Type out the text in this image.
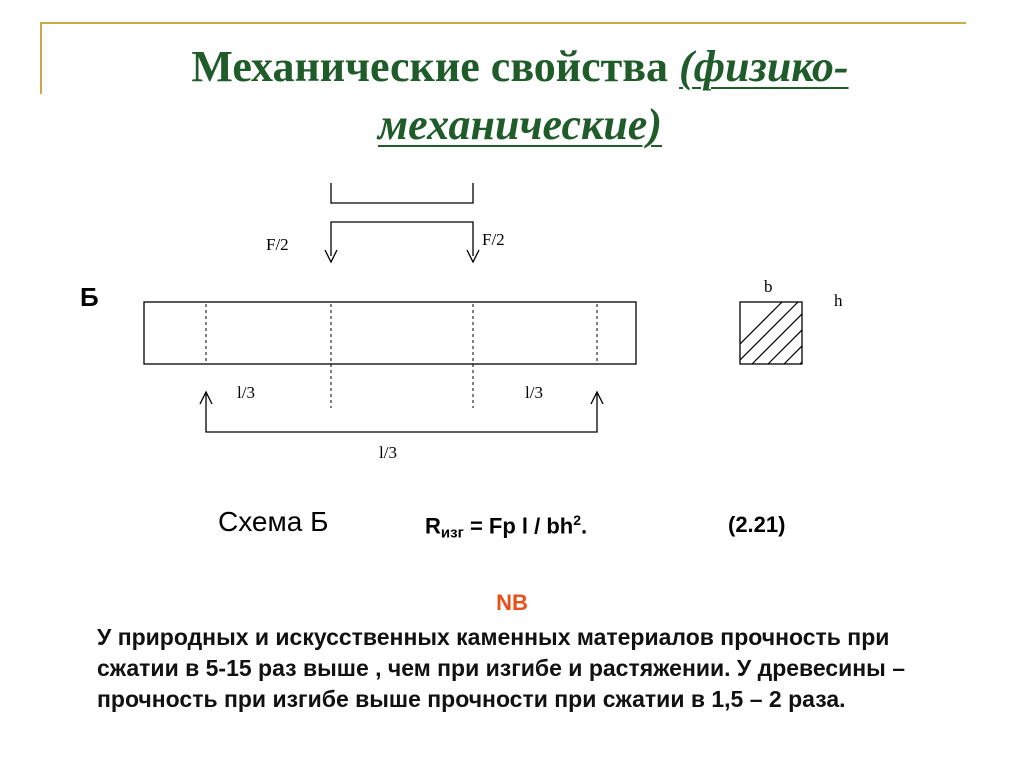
Механические свойства (физико-
механические)
F/2	F/2
Б
l/3	l/3
l/3
b
h
Схема Б	$R_{изг} = Fp$ l / $bh^2$.	(2.21)
NB
У природных и искусственных каменных материалов прочность при сжатии в 5-15 раз выше , чем при изгибе и растяжении. У древесины – прочность при изгибе выше прочности при сжатии в 1,5 – 2 раза.
